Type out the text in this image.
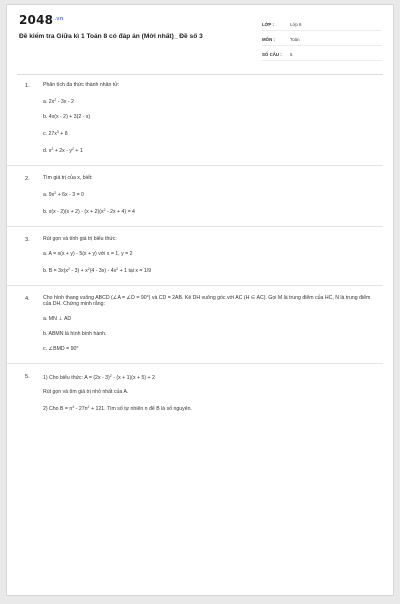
$2048^{.vn}$
Đề kiểm tra Giữa kì 1 Toán 8 có đáp án (Mới nhất)_ Đề số 3
LỚP :	Lớp 8
MÔN :	Toán
SỐ CÂU :	5
1.	Phân tích đa thức thành nhân tử:
a. $2x^2 - 3x - 2$
b. 4x(x - 2) + 3(2 - x)
c. $27x^3 + 8$
d. $x^2 + 2x - y^2 + 1$
2.	Tìm giá trị của x, biết:
a. $9x^2 + 6x - 3 = 0$
b. $x(x - 2)(x + 2) - (x + 2)(x^2 - 2x + 4) = 4$
3.	Rút gọn và tính giá trị biểu thức:
a. A = x(x + y) - 5(x + y) với x = 1, y = 2
b. $B = 3x(x^2 - 3) + x^2(4 - 3x) - 4x^2 + 1$ tại x = 1/9
4.	Cho hình thang vuông ABCD (∠A = ∠D = 90°) và CD = 2AB. Kẻ DH vuông góc với AC (H ∈ AC). Gọi M là trung điểm của HC, N là trung điểm của DH. Chứng minh rằng:
a. MN ⊥ AD
b. ABMN là hình bình hành.
c. ∠BMD = 90°
5.	1) Cho biểu thức: A = (2x - 3)$^2$ - (x + 1)(x + 5) + 2
Rút gọn và tìm giá trị nhỏ nhất của A.
2) Cho $B = n^4 - 27n^2 + 121$. Tìm số tự nhiên n để B là số nguyên.
